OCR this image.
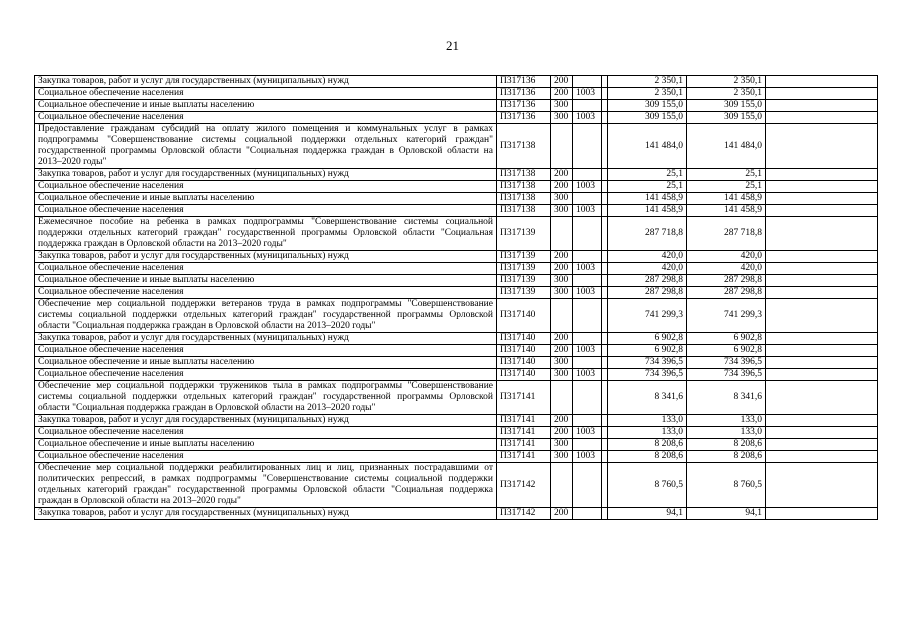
21
Закупка товаров, работ и услуг для государственных (муниципальных) нужд	П317136	200			2 350,1	2 350,1	
Социальное обеспечение населения	П317136	200	1003		2 350,1	2 350,1	
Социальное обеспечение и иные выплаты населению	П317136	300			309 155,0	309 155,0	
Социальное обеспечение населения	П317136	300	1003		309 155,0	309 155,0	
Предоставление гражданам субсидий на оплату жилого помещения и коммунальных услуг в рамках подпрограммы "Совершенствование системы социальной поддержки отдельных категорий граждан" государственной программы Орловской области "Социальная поддержка граждан в Орловской области на 2013–2020 годы"	П317138				141 484,0	141 484,0	
Закупка товаров, работ и услуг для государственных (муниципальных) нужд	П317138	200			25,1	25,1	
Социальное обеспечение населения	П317138	200	1003		25,1	25,1	
Социальное обеспечение и иные выплаты населению	П317138	300			141 458,9	141 458,9	
Социальное обеспечение населения	П317138	300	1003		141 458,9	141 458,9	
Ежемесячное пособие на ребенка в рамках подпрограммы "Совершенствование системы социальной поддержки отдельных категорий граждан" государственной программы Орловской области "Социальная поддержка граждан в Орловской области на 2013–2020 годы"	П317139				287 718,8	287 718,8	
Закупка товаров, работ и услуг для государственных (муниципальных) нужд	П317139	200			420,0	420,0	
Социальное обеспечение населения	П317139	200	1003		420,0	420,0	
Социальное обеспечение и иные выплаты населению	П317139	300			287 298,8	287 298,8	
Социальное обеспечение населения	П317139	300	1003		287 298,8	287 298,8	
Обеспечение мер социальной поддержки ветеранов труда в рамках подпрограммы "Совершенствование системы социальной поддержки отдельных категорий граждан" государственной программы Орловской области "Социальная поддержка граждан в Орловской области на 2013–2020 годы"	П317140				741 299,3	741 299,3	
Закупка товаров, работ и услуг для государственных (муниципальных) нужд	П317140	200			6 902,8	6 902,8	
Социальное обеспечение населения	П317140	200	1003		6 902,8	6 902,8	
Социальное обеспечение и иные выплаты населению	П317140	300			734 396,5	734 396,5	
Социальное обеспечение населения	П317140	300	1003		734 396,5	734 396,5	
Обеспечение мер социальной поддержки тружеников тыла в рамках подпрограммы "Совершенствование системы социальной поддержки отдельных категорий граждан" государственной программы Орловской области "Социальная поддержка граждан в Орловской области на 2013–2020 годы"	П317141				8 341,6	8 341,6	
Закупка товаров, работ и услуг для государственных (муниципальных) нужд	П317141	200			133,0	133,0	
Социальное обеспечение населения	П317141	200	1003		133,0	133,0	
Социальное обеспечение и иные выплаты населению	П317141	300			8 208,6	8 208,6	
Социальное обеспечение населения	П317141	300	1003		8 208,6	8 208,6	
Обеспечение мер социальной поддержки реабилитированных лиц и лиц, признанных пострадавшими от политических репрессий, в рамках подпрограммы "Совершенствование системы социальной поддержки отдельных категорий граждан" государственной программы Орловской области "Социальная поддержка граждан в Орловской области на 2013–2020 годы"	П317142				8 760,5	8 760,5	
Закупка товаров, работ и услуг для государственных (муниципальных) нужд	П317142	200			94,1	94,1	
